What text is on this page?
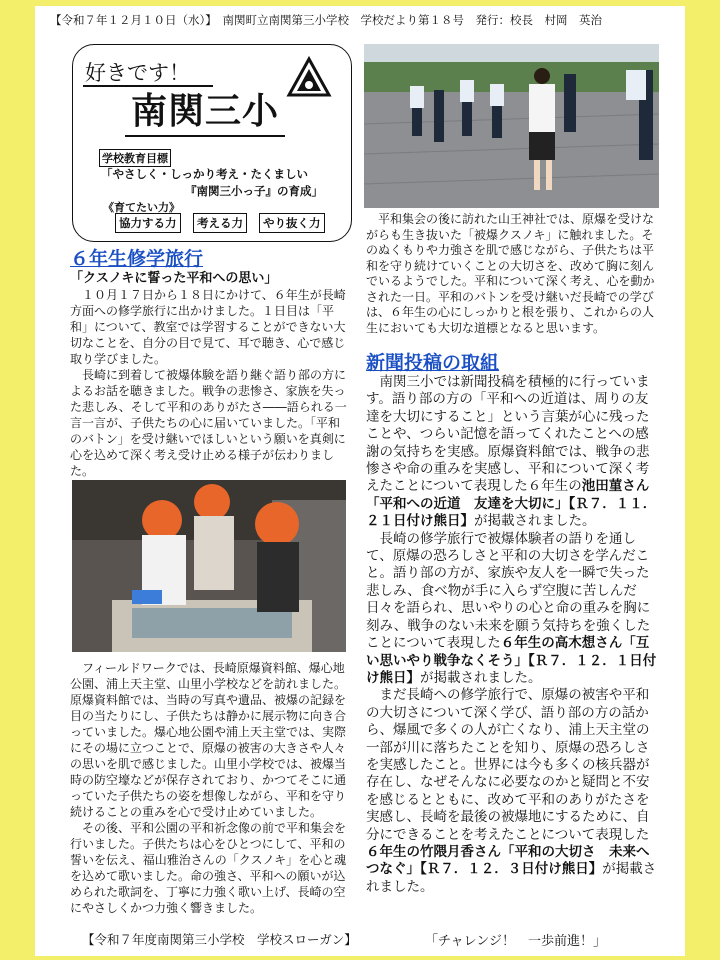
【令和７年１２月１０日（水）】　南関町立南関第三小学校　学校だより第１８号　発行：校長　村岡　英治
好きです！
南関三小
学校教育目標
「やさしく・しっかり考え・たくましい
『南関三小っ子』の育成」
《育てたい力》
協力する力	考える力	やり抜く力
６年生修学旅行
「クスノキに誓った平和への思い」

１０月１７日から１８日にかけて、６年生が長崎方面への修学旅行に出かけました。１日目は「平和」について、教室では学習することができない大切なことを、自分の目で見て、耳で聴き、心で感じ取り学びました。

長崎に到着して被爆体験を語り継ぐ語り部の方によるお話を聴きました。戦争の悲惨さ、家族を失った悲しみ、そして平和のありがたさ――語られる一言一言が、子供たちの心に届いていました。「平和のバトン」を受け継いでほしいという願いを真剣に心を込めて深く考え受け止める様子が伝わりました。

フィールドワークでは、長崎原爆資料館、爆心地公園、浦上天主堂、山里小学校などを訪れました。原爆資料館では、当時の写真や遺品、被爆の記録を目の当たりにし、子供たちは静かに展示物に向き合っていました。爆心地公園や浦上天主堂では、実際にその場に立つことで、原爆の被害の大きさや人々の思いを肌で感じました。山里小学校では、被爆当時の防空壕などが保存されており、かつてそこに通っていた子供たちの姿を想像しながら、平和を守り続けることの重みを心で受け止めていました。

その後、平和公園の平和祈念像の前で平和集会を行いました。子供たちは心をひとつにして、平和の誓いを伝え、福山雅治さんの「クスノキ」を心と魂を込めて歌いました。命の強さ、平和への願いが込められた歌詞を、丁寧に力強く歌い上げ、長崎の空にやさしくかつ力強く響きました。

平和集会の後に訪れた山王神社では、原爆を受けながらも生き抜いた「被爆クスノキ」に触れました。そのぬくもりや力強さを肌で感じながら、子供たちは平和を守り続けていくことの大切さを、改めて胸に刻んでいるようでした。平和について深く考え、心を動かされた一日。平和のバトンを受け継いだ長崎での学びは、６年生の心にしっかりと根を張り、これからの人生においても大切な道標となると思います。

新聞投稿の取組

南関三小では新聞投稿を積極的に行っています。語り部の方の「平和への近道は、周りの友達を大切にすること」という言葉が心に残ったことや、つらい記憶を語ってくれたことへの感謝の気持ちを実感。原爆資料館では、戦争の悲惨さや命の重みを実感し、平和について深く考えたことについて表現した６年生の池田菫さん「平和への近道　友達を大切に」【Ｒ７．１１．２１日付け熊日】が掲載されました。

長崎の修学旅行で被爆体験者の語りを通して、原爆の恐ろしさと平和の大切さを学んだこと。語り部の方が、家族や友人を一瞬で失った悲しみ、食べ物が手に入らず空腹に苦しんだ日々を語られ、思いやりの心と命の重みを胸に刻み、戦争のない未来を願う気持ちを強くしたことについて表現した６年生の高木想さん「互い思いやり戦争なくそう」【Ｒ７．１２．１日付け熊日】が掲載されました。

まだ長崎への修学旅行で、原爆の被害や平和の大切さについて深く学び、語り部の方の話から、爆風で多くの人が亡くなり、浦上天主堂の一部が川に落ちたことを知り、原爆の恐ろしさを実感したこと。世界には今も多くの核兵器が存在し、なぜそんなに必要なのかと疑問と不安を感じるとともに、改めて平和のありがたさを実感し、長崎を最後の被爆地にするために、自分にできることを考えたことについて表現した６年生の竹隈月香さん「平和の大切さ　未来へつなぐ」【Ｒ７．１２．３日付け熊日】が掲載されました。

【令和７年度南関第三小学校　学校スローガン】	「チャレンジ！　一歩前進！」
